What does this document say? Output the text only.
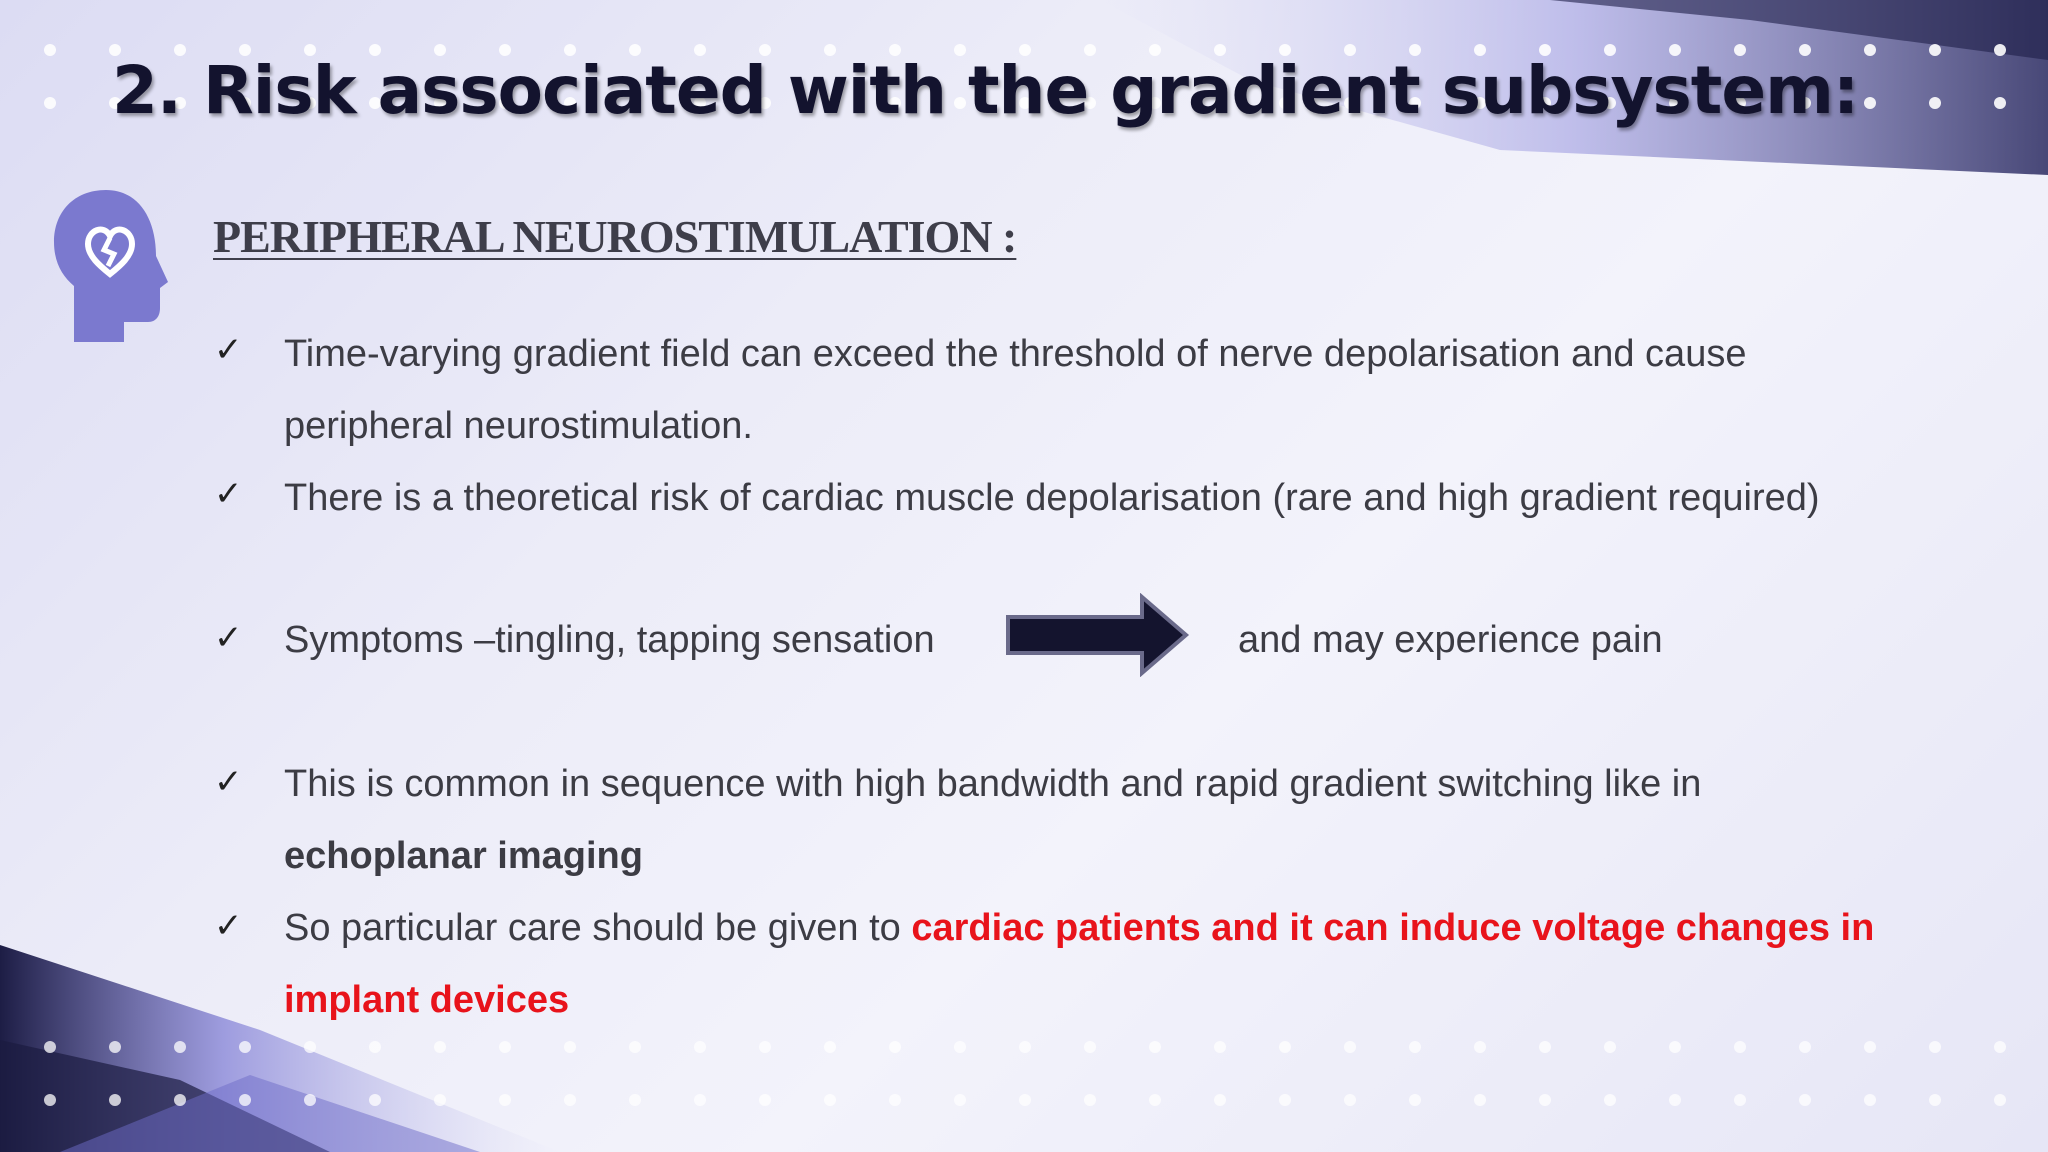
2. Risk associated with the gradient subsystem:
PERIPHERAL NEUROSTIMULATION :
✓ Time-varying gradient field can exceed the threshold of nerve depolarisation and cause peripheral neurostimulation.
✓ There is a theoretical risk of cardiac muscle depolarisation (rare and high gradient required)
✓ Symptoms –tingling, tapping sensation	and may experience pain
✓ This is common in sequence with high bandwidth and rapid gradient switching like in echoplanar imaging
✓ So particular care should be given to cardiac patients and it can induce voltage changes in implant devices
